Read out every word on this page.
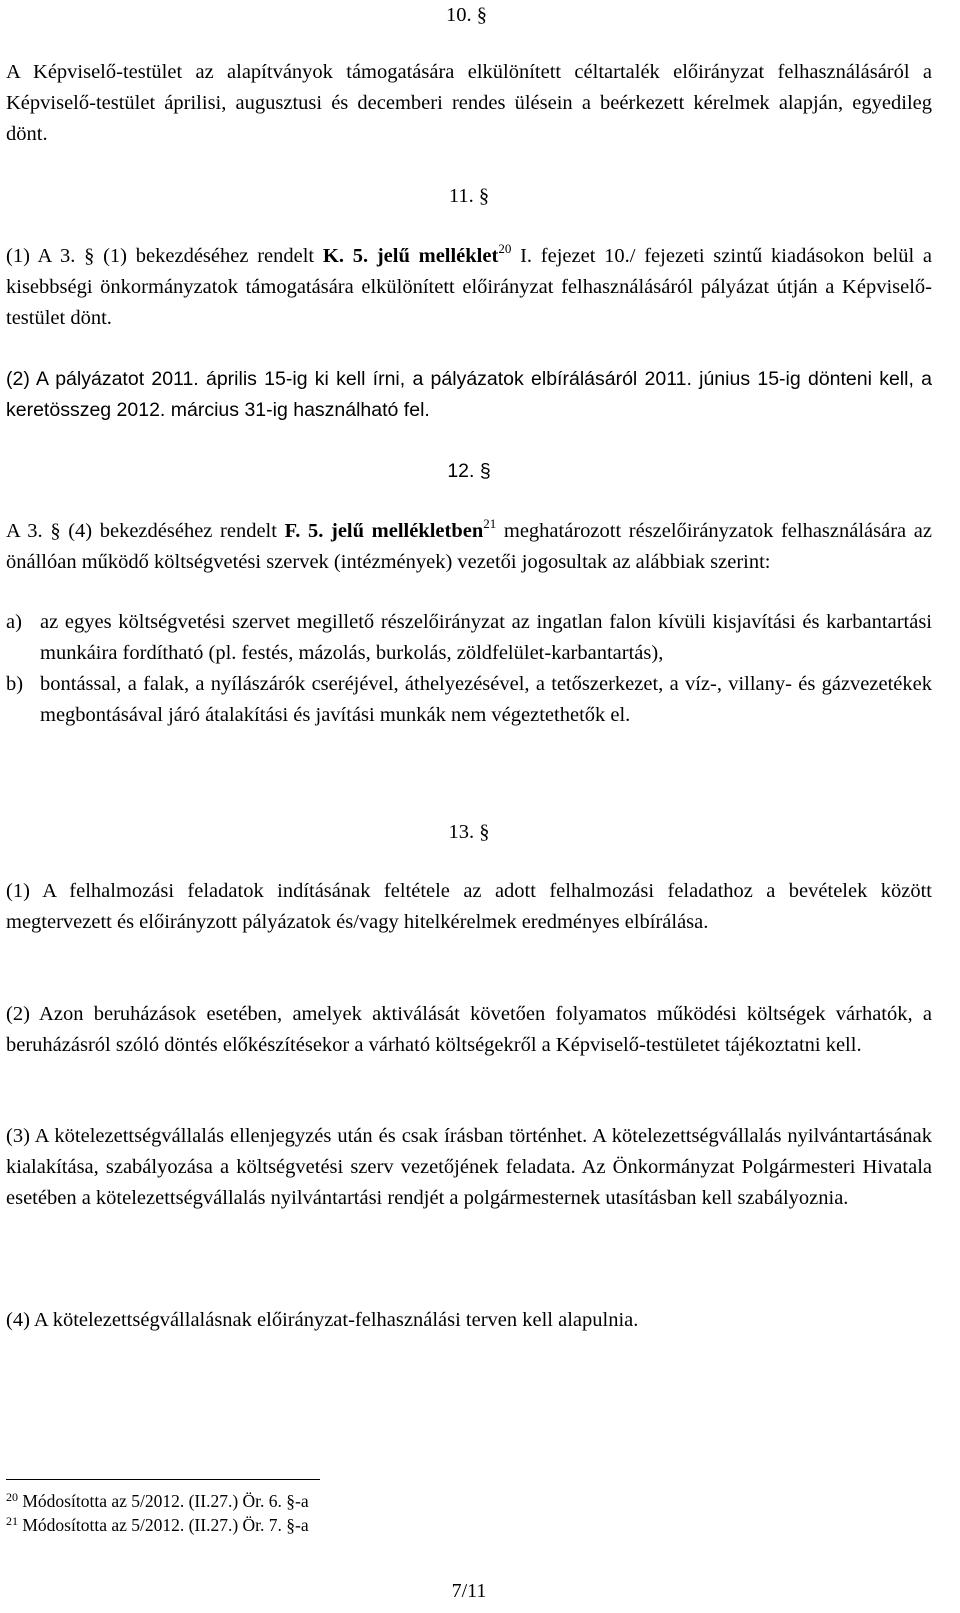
10. §

A Képviselő-testület az alapítványok támogatására elkülönített céltartalék előirányzat felhasználásáról a Képviselő-testület áprilisi, augusztusi és decemberi rendes ülésein a beérkezett kérelmek alapján, egyedileg dönt.

11. §

(1) A 3. § (1) bekezdéséhez rendelt K. 5. jelű melléklet$^{20}$ I. fejezet 10./ fejezeti szintű kiadásokon belül a kisebbségi önkormányzatok támogatására elkülönített előirányzat felhasználásáról pályázat útján a Képviselő-testület dönt.

(2) A pályázatot 2011. április 15-ig ki kell írni, a pályázatok elbírálásáról 2011. június 15-ig dönteni kell, a keretösszeg 2012. március 31-ig használható fel.

12. §

A 3. § (4) bekezdéséhez rendelt F. 5. jelű mellékletben$^{21}$ meghatározott részelőirányzatok felhasználására az önállóan működő költségvetési szervek (intézmények) vezetői jogosultak az alábbiak szerint:

a) az egyes költségvetési szervet megillető részelőirányzat az ingatlan falon kívüli kisjavítási és karbantartási munkáira fordítható (pl. festés, mázolás, burkolás, zöldfelület-karbantartás),
b) bontással, a falak, a nyílászárók cseréjével, áthelyezésével, a tetőszerkezet, a víz-, villany- és gázvezetékek megbontásával járó átalakítási és javítási munkák nem végeztethetők el.
13. §

(1) A felhalmozási feladatok indításának feltétele az adott felhalmozási feladathoz a bevételek között megtervezett és előirányzott pályázatok és/vagy hitelkérelmek eredményes elbírálása.

(2) Azon beruházások esetében, amelyek aktiválását követően folyamatos működési költségek várhatók, a beruházásról szóló döntés előkészítésekor a várható költségekről a Képviselő-testületet tájékoztatni kell.

(3) A kötelezettségvállalás ellenjegyzés után és csak írásban történhet. A kötelezettségvállalás nyilvántartásának kialakítása, szabályozása a költségvetési szerv vezetőjének feladata. Az Önkormányzat Polgármesteri Hivatala esetében a kötelezettségvállalás nyilvántartási rendjét a polgármesternek utasításban kell szabályoznia.

(4) A kötelezettségvállalásnak előirányzat-felhasználási terven kell alapulnia.

$^{20}$ Módosította az 5/2012. (II.27.) Ör. 6. §-a
$^{21}$ Módosította az 5/2012. (II.27.) Ör. 7. §-a
7/11
